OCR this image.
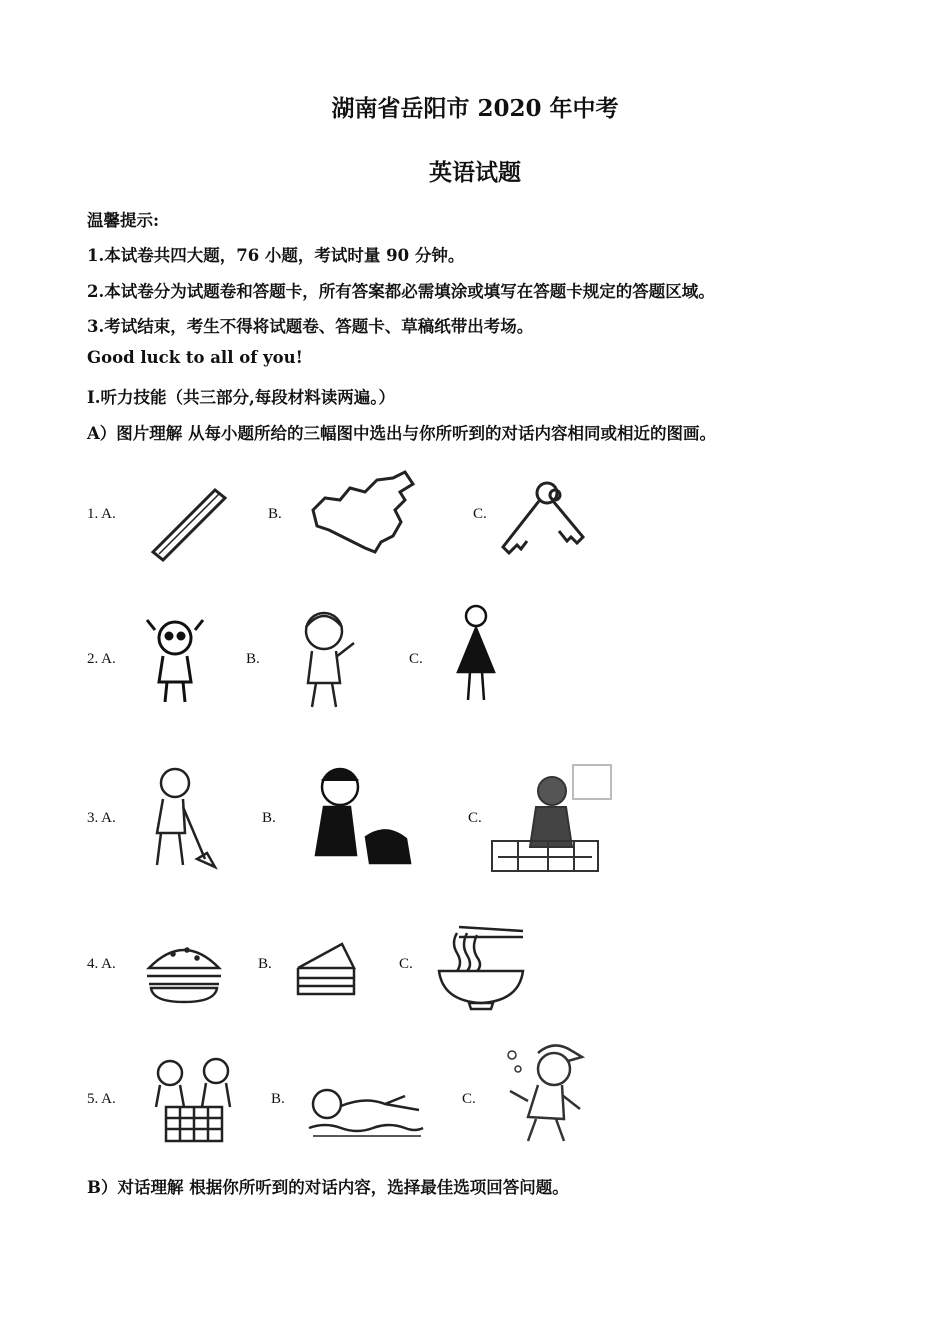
湖南省岳阳市 2020 年中考
英语试题
温馨提示:
1.本试卷共四大题，76 小题，考试时量 90 分钟。
2.本试卷分为试题卷和答题卡，所有答案都必需填涂或填写在答题卡规定的答题区域。
3.考试结束，考生不得将试题卷、答题卡、草稿纸带出考场。
Good luck to all of you!
I.听力技能（共三部分,每段材料读两遍。）
A）图片理解 从每小题所给的三幅图中选出与你所听到的对话内容相同或相近的图画。
1. A.	B.	C.
2. A.	B.	C.
3. A.	B.	C.
4. A.	B.	C.
5. A.	B.	C.
B）对话理解 根据你所听到的对话内容，选择最佳选项回答问题。
